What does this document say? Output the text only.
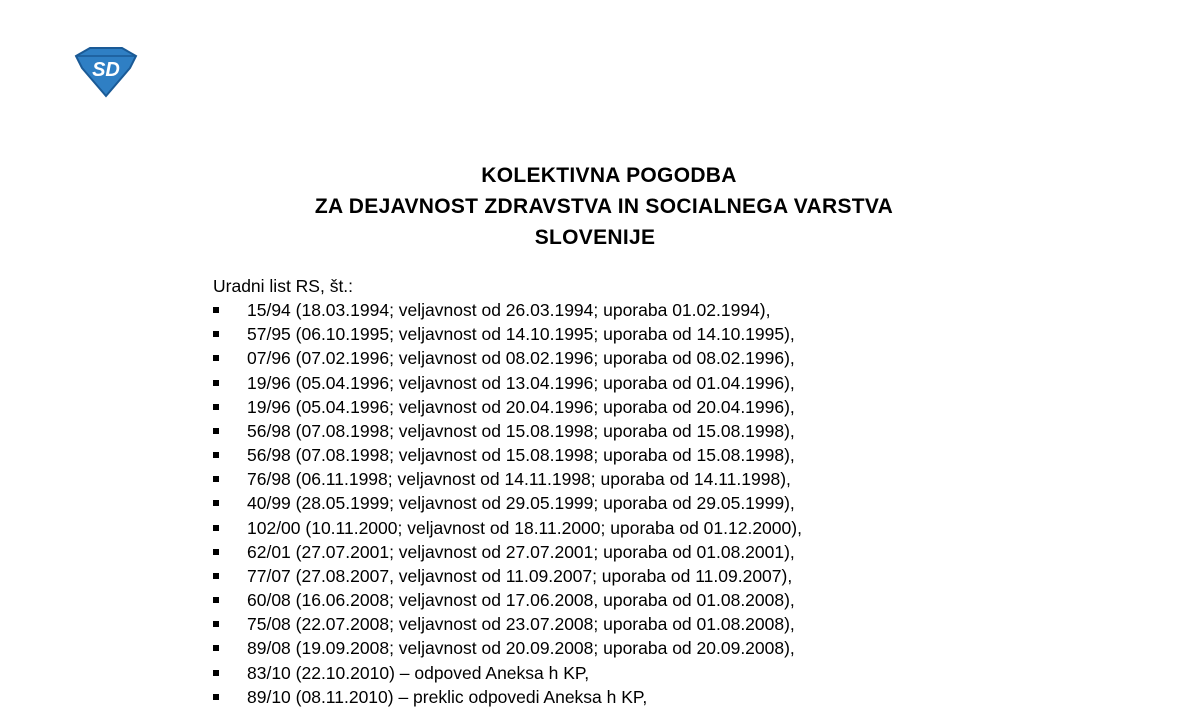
SD
KOLEKTIVNA POGODBA
ZA DEJAVNOST ZDRAVSTVA IN SOCIALNEGA VARSTVA
SLOVENIJE
Uradni list RS, št.:
15/94 (18.03.1994; veljavnost od 26.03.1994; uporaba 01.02.1994),
57/95 (06.10.1995; veljavnost od 14.10.1995; uporaba od 14.10.1995),
07/96 (07.02.1996; veljavnost od 08.02.1996; uporaba od 08.02.1996),
19/96 (05.04.1996; veljavnost od 13.04.1996; uporaba od 01.04.1996),
19/96 (05.04.1996; veljavnost od 20.04.1996; uporaba od 20.04.1996),
56/98 (07.08.1998; veljavnost od 15.08.1998; uporaba od 15.08.1998),
56/98 (07.08.1998; veljavnost od 15.08.1998; uporaba od 15.08.1998),
76/98 (06.11.1998; veljavnost od 14.11.1998; uporaba od 14.11.1998),
40/99 (28.05.1999; veljavnost od 29.05.1999; uporaba od 29.05.1999),
102/00 (10.11.2000; veljavnost od 18.11.2000; uporaba od 01.12.2000),
62/01 (27.07.2001; veljavnost od 27.07.2001; uporaba od 01.08.2001),
77/07 (27.08.2007, veljavnost od 11.09.2007; uporaba od 11.09.2007),
60/08 (16.06.2008; veljavnost od 17.06.2008, uporaba od 01.08.2008),
75/08 (22.07.2008; veljavnost od 23.07.2008; uporaba od 01.08.2008),
89/08 (19.09.2008; veljavnost od 20.09.2008; uporaba od 20.09.2008),
83/10 (22.10.2010) – odpoved Aneksa h KP,
89/10 (08.11.2010) – preklic odpovedi Aneksa h KP,
